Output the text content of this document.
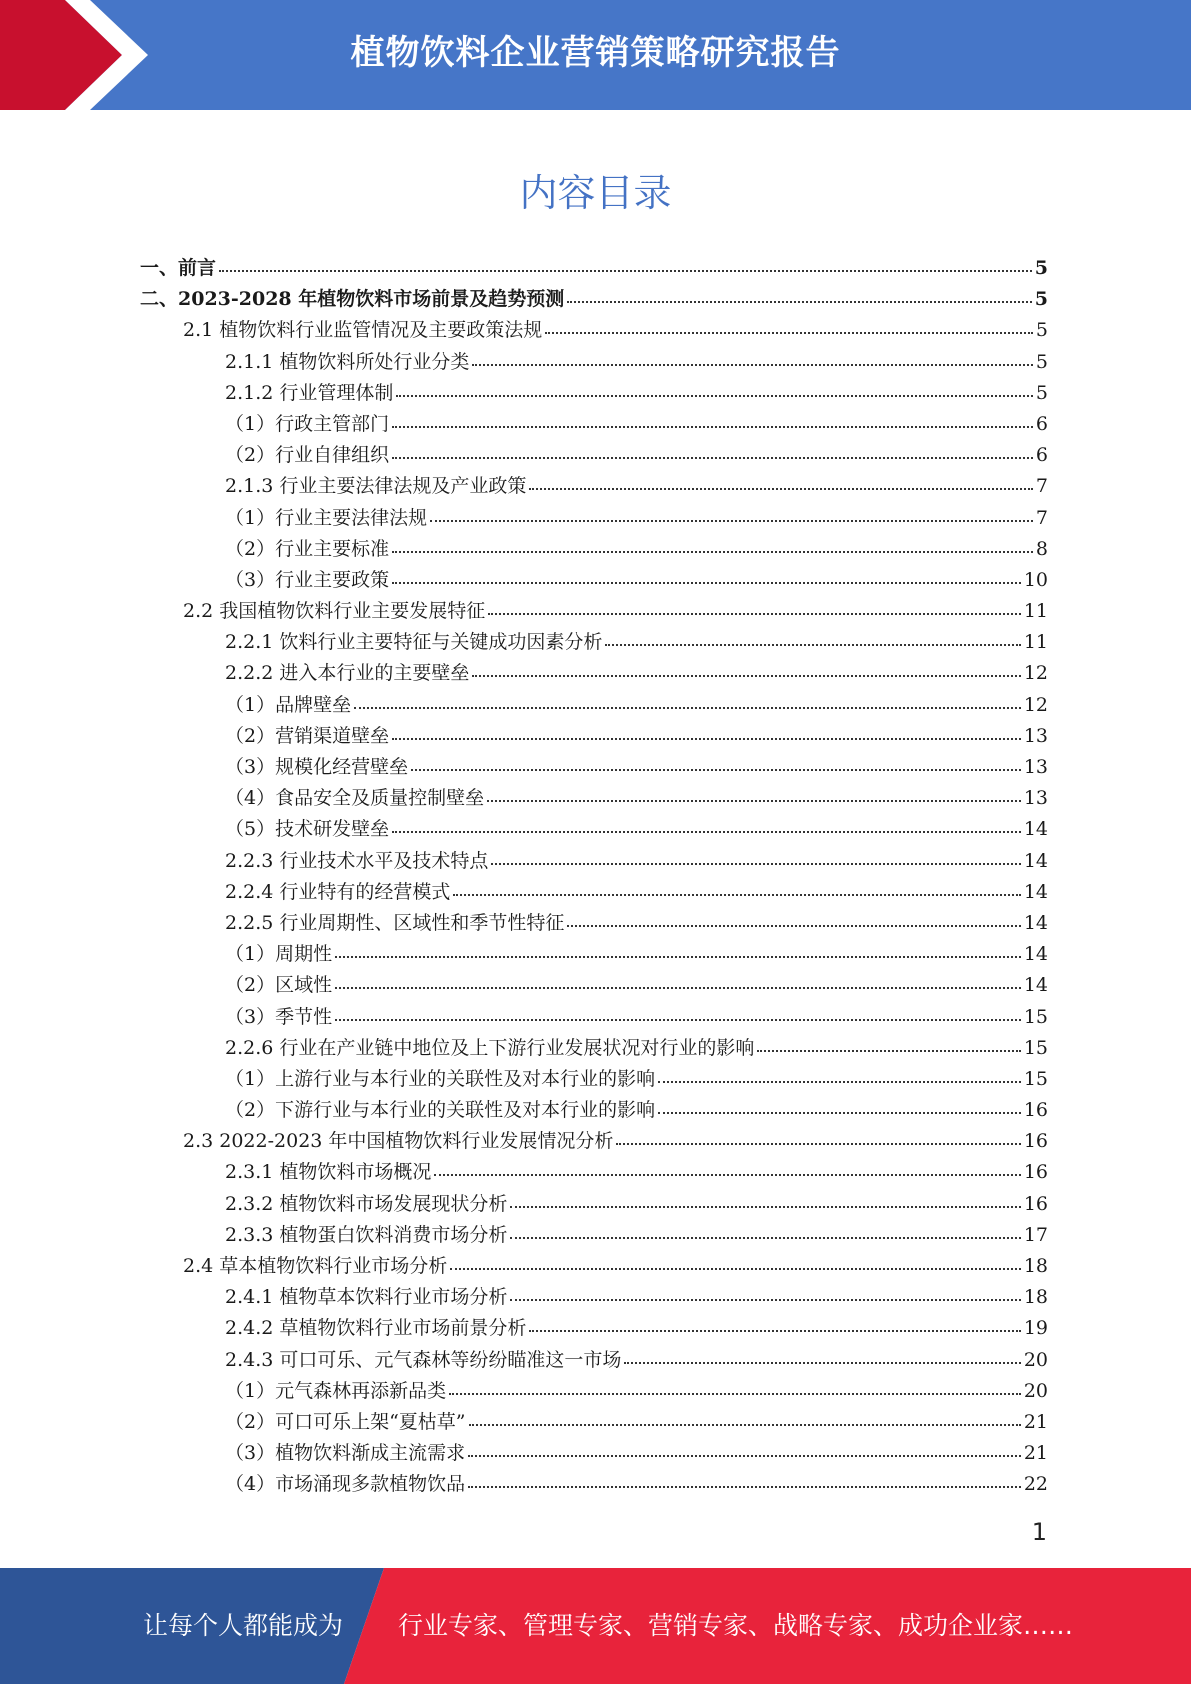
植物饮料企业营销策略研究报告
内容目录
一、前言	5
二、2023-2028 年植物饮料市场前景及趋势预测	5
2.1 植物饮料行业监管情况及主要政策法规	5
2.1.1 植物饮料所处行业分类	5
2.1.2 行业管理体制	5
（1）行政主管部门	6
（2）行业自律组织	6
2.1.3 行业主要法律法规及产业政策	7
（1）行业主要法律法规	7
（2）行业主要标准	8
（3）行业主要政策	10
2.2 我国植物饮料行业主要发展特征	11
2.2.1 饮料行业主要特征与关键成功因素分析	11
2.2.2 进入本行业的主要壁垒	12
（1）品牌壁垒	12
（2）营销渠道壁垒	13
（3）规模化经营壁垒	13
（4）食品安全及质量控制壁垒	13
（5）技术研发壁垒	14
2.2.3 行业技术水平及技术特点	14
2.2.4 行业特有的经营模式	14
2.2.5 行业周期性、区域性和季节性特征	14
（1）周期性	14
（2）区域性	14
（3）季节性	15
2.2.6 行业在产业链中地位及上下游行业发展状况对行业的影响	15
（1）上游行业与本行业的关联性及对本行业的影响	15
（2）下游行业与本行业的关联性及对本行业的影响	16
2.3 2022-2023 年中国植物饮料行业发展情况分析	16
2.3.1 植物饮料市场概况	16
2.3.2 植物饮料市场发展现状分析	16
2.3.3 植物蛋白饮料消费市场分析	17
2.4 草本植物饮料行业市场分析	18
2.4.1 植物草本饮料行业市场分析	18
2.4.2 草植物饮料行业市场前景分析	19
2.4.3 可口可乐、元气森林等纷纷瞄准这一市场	20
（1）元气森林再添新品类	20
（2）可口可乐上架“夏枯草”	21
（3）植物饮料渐成主流需求	21
（4）市场涌现多款植物饮品	22
1
让每个人都能成为 行业专家、管理专家、营销专家、战略专家、成功企业家……
